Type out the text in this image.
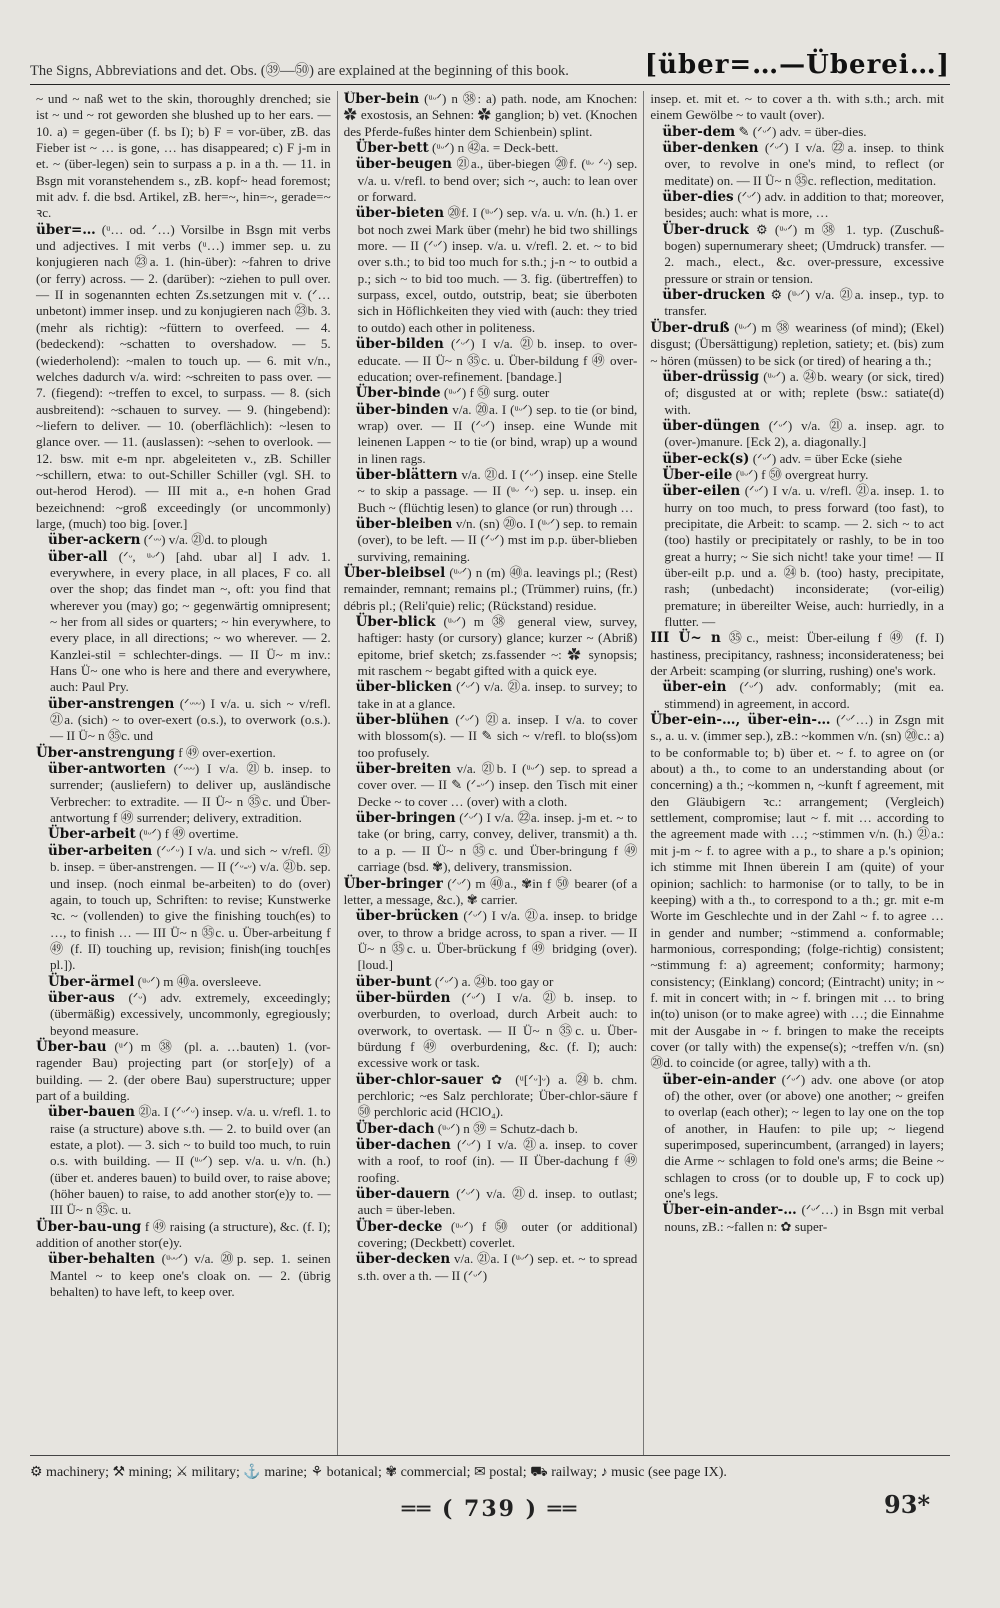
The Signs, Abbreviations and det. Obs. (㊴—㊿) are explained at the beginning of this book.	[über=…—Überei…]

~ und ~ naß wet to the skin, thoroughly drenched; sie ist ~ und ~ rot geworden she blushed up to her ears. — 10. a) = gegen-über (f. bs I); b) F = vor-über, zB. das Fieber ist ~ … is gone, … has disappeared; c) F j-m in et. ~ (über-legen) sein to surpass a p. in a th. — 11. in Bsgn mit voranstehendem s., zB. kopf~ head foremost; mit adv. f. die bsd. Artikel, zB. her=~, hin=~, gerade=~ ꝛc.

über=… (ᵘ… od. ᐟ…) Vorsilbe in Bsgn mit verbs und adjectives. I mit verbs (ᵘ…) immer sep. u. zu konjugieren nach ㉓a. 1. (hin-über): ~fahren to drive (or ferry) across. — 2. (darüber): ~ziehen to pull over. — II in sogenannten echten Zs.setzungen mit v. (ᐟ… unbetont) immer insep. und zu konjugieren nach ㉓b. 3. (mehr als richtig): ~füttern to overfeed. — 4. (bedeckend): ~schatten to overshadow. — 5. (wiederholend): ~malen to touch up. — 6. mit v/n., welches dadurch v/a. wird: ~schreiten to pass over. — 7. (fiegend): ~treffen to excel, to surpass. — 8. (sich ausbreitend): ~schauen to survey. — 9. (hingebend): ~liefern to deliver. — 10. (oberflächlich): ~lesen to glance over. — 11. (auslassen): ~sehen to overlook. — 12. bsw. mit e-m npr. abgeleiteten v., zB. Schiller ~schillern, etwa: to out-Schiller Schiller (vgl. SH. to out-herod Herod). — III mit a., e-n hohen Grad bezeichnend: ~groß exceedingly (or uncommonly) large, (much) too big. [over.]

über-ackern (ᐟᵕᵕ) v/a. ㉑d. to plough

über-all (ᐟᵕ, ᵘᵕᐟ) [ahd. ubar al] I adv. 1. everywhere, in every place, in all places, F co. all over the shop; das findet man ~, oft: you find that wherever you (may) go; ~ gegenwärtig omnipresent; ~ her from all sides or quarters; ~ hin everywhere, to every place, in all directions; ~ wo wherever. — 2. Kanzlei-stil = schlechter-dings. — II Ü~ m inv.: Hans Ü~ one who is here and there and everywhere, auch: Paul Pry.

über-anstrengen (ᐟᵕᵕᵕ) I v/a. u. sich ~ v/refl. ㉑a. (sich) ~ to over-exert (o.s.), to overwork (o.s.). — II Ü~ n ㉟c. und

Über-anstrengung f ㊾ over-exertion.

über-antworten (ᐟᵕᵕᵕ) I v/a. ㉑b. insep. to surrender; (ausliefern) to deliver up, ausländische Verbrecher: to extradite. — II Ü~ n ㉟c. und Über-antwortung f ㊾ surrender; delivery, extradition.

Über-arbeit (ᵘᵕᐟ) f ㊾ overtime.

über-arbeiten (ᐟᵕᐟᵕ) I v/a. und sich ~ v/refl. ㉑b. insep. = über-anstrengen. — II (ᐟᵕ-ᵕ) v/a. ㉑b. sep. und insep. (noch einmal be-arbeiten) to do (over) again, to touch up, Schriften: to revise; Kunstwerke ꝛc. ~ (vollenden) to give the finishing touch(es) to …, to finish … — III Ü~ n ㉟c. u. Über-arbeitung f ㊾ (f. II) touching up, revision; finish(ing touch[es pl.]).

Über-ärmel (ᵘᵕᐟ) m ㊵a. oversleeve.

über-aus (ᐟᵕ) adv. extremely, exceedingly; (übermäßig) excessively, uncommonly, egregiously; beyond measure.

Über-bau (ᵘᐟ) m ㊳ (pl. a. …bauten) 1. (vor-ragender Bau) projecting part (or stor[e]y) of a building. — 2. (der obere Bau) superstructure; upper part of a building.

über-bauen ㉑a. I (ᐟᵕᐟᵕ) insep. v/a. u. v/refl. 1. to raise (a structure) above s.th. — 2. to build over (an estate, a plot). — 3. sich ~ to build too much, to ruin o.s. with building. — II (ᵘᵕᐟ) sep. v/a. u. v/n. (h.) (über et. anderes bauen) to build over, to raise above; (höher bauen) to raise, to add another stor(e)y to. — III Ü~ n ㉟c. u.

Über-bau-ung f ㊾ raising (a structure), &c. (f. I); addition of another stor(e)y.

über-behalten (ᵘᵕᵕᐟ) v/a. ⑳p. sep. 1. seinen Mantel ~ to keep one's cloak on. — 2. (übrig behalten) to have left, to keep over.

Über-bein (ᵘᵕᐟ) n ㊳: a) path. node, am Knochen: ✿ exostosis, an Sehnen: ✿ ganglion; b) vet. (Knochen des Pferde-fußes hinter dem Schienbein) splint.

Über-bett (ᵘᵕᐟ) n ㊷a. = Deck-bett.

über-beugen ㉑a., über-biegen ⑳f. (ᵘᵕ ᐟᵕ) sep. v/a. u. v/refl. to bend over; sich ~, auch: to lean over or forward.

über-bieten ⑳f. I (ᵘᵕᐟ) sep. v/a. u. v/n. (h.) 1. er bot noch zwei Mark über (mehr) he bid two shillings more. — II (ᐟᵕᐟ) insep. v/a. u. v/refl. 2. et. ~ to bid over s.th.; to bid too much for s.th.; j-n ~ to outbid a p.; sich ~ to bid too much. — 3. fig. (übertreffen) to surpass, excel, outdo, outstrip, beat; sie überboten sich in Höflichkeiten they vied with (auch: they tried to outdo) each other in politeness.

über-bilden (ᐟᵕᐟ) I v/a. ㉑b. insep. to over-educate. — II Ü~ n ㉟c. u. Über-bildung f ㊾ over-education; over-refinement. [bandage.]

Über-binde (ᵘᵕᐟ) f ㊿ surg. outer

über-binden v/a. ⑳a. I (ᵘᵕᐟ) sep. to tie (or bind, wrap) over. — II (ᐟᵕᐟ) insep. eine Wunde mit leinenen Lappen ~ to tie (or bind, wrap) up a wound in linen rags.

über-blättern v/a. ㉑d. I (ᐟᵕᐟ) insep. eine Stelle ~ to skip a passage. — II (ᵘᵕ ᐟᵕ) sep. u. insep. ein Buch ~ (flüchtig lesen) to glance (or run) through …

über-bleiben v/n. (sn) ⑳o. I (ᵘᵕᐟ) sep. to remain (over), to be left. — II (ᐟᵕᐟ) mst im p.p. über-blieben surviving, remaining.

Über-bleibsel (ᵘᵕᐟ) n (m) ㊵a. leavings pl.; (Rest) remainder, remnant; remains pl.; (Trümmer) ruins, (fr.) débris pl.; (Reli'quie) relic; (Rückstand) residue.

Über-blick (ᵘᵕᐟ) m ㊳ general view, survey, haftiger: hasty (or cursory) glance; kurzer ~ (Abriß) epitome, brief sketch; zs.fassender ~: ✿ synopsis; mit raschem ~ begabt gifted with a quick eye.

über-blicken (ᐟᵕᐟ) v/a. ㉑a. insep. to survey; to take in at a glance.

über-blühen (ᐟᵕᐟ) ㉑a. insep. I v/a. to cover with blossom(s). — II ✎ sich ~ v/refl. to blo(ss)om too profusely.

über-breiten v/a. ㉑b. I (ᵘᵕᐟ) sep. to spread a cover over. — II ✎ (ᐟ-ᵕᐟ) insep. den Tisch mit einer Decke ~ to cover … (over) with a cloth.

über-bringen (ᐟᵕᐟ) I v/a. ㉒a. insep. j-m et. ~ to take (or bring, carry, convey, deliver, transmit) a th. to a p. — II Ü~ n ㉟c. und Über-bringung f ㊾ carriage (bsd. ✾), delivery, transmission.

Über-bringer (ᐟᵕᐟ) m ㊵a., ✾in f ㊿ bearer (of a letter, a message, &c.), ✾ carrier.

über-brücken (ᐟᵕᐟ) I v/a. ㉑a. insep. to bridge over, to throw a bridge across, to span a river. — II Ü~ n ㉟c. u. Über-brückung f ㊾ bridging (over). [loud.]

über-bunt (ᐟᵕᐟ) a. ㉔b. too gay or

über-bürden (ᐟᵕᐟ) I v/a. ㉑b. insep. to overburden, to overload, durch Arbeit auch: to overwork, to overtask. — II Ü~ n ㉟c. u. Über-bürdung f ㊾ overburdening, &c. (f. I); auch: excessive work or task.

über-chlor-sauer ✿ (ᵘ[ᐟᵕ]ᵕ) a. ㉔b. chm. perchloric; ~es Salz perchlorate; Über-chlor-säure f ㊿ perchloric acid (HClO₄).

Über-dach (ᵘᵕᐟ) n ㊴ = Schutz-dach b.

über-dachen (ᐟᵕᐟ) I v/a. ㉑a. insep. to cover with a roof, to roof (in). — II Über-dachung f ㊾ roofing.

über-dauern (ᐟᵕᐟ) v/a. ㉑d. insep. to outlast; auch = über-leben.

Über-decke (ᵘᵕᐟ) f ㊿ outer (or additional) covering; (Deckbett) coverlet.

über-decken v/a. ㉑a. I (ᵘᵕᐟ) sep. et. ~ to spread s.th. over a th. — II (ᐟᵕᐟ)

insep. et. mit et. ~ to cover a th. with s.th.; arch. mit einem Gewölbe ~ to vault (over).

über-dem ✎ (ᐟᵕᐟ) adv. = über-dies.

über-denken (ᐟᵕᐟ) I v/a. ㉒a. insep. to think over, to revolve in one's mind, to reflect (or meditate) on. — II Ü~ n ㉟c. reflection, meditation.

über-dies (ᐟᵕᐟ) adv. in addition to that; moreover, besides; auch: what is more, …

Über-druck ⚙ (ᵘᵕᐟ) m ㊳ 1. typ. (Zuschuß-bogen) supernumerary sheet; (Umdruck) transfer. — 2. mach., elect., &c. over-pressure, excessive pressure or strain or tension.

über-drucken ⚙ (ᵘᵕᐟ) v/a. ㉑a. insep., typ. to transfer.

Über-druß (ᵘᵕᐟ) m ㊳ weariness (of mind); (Ekel) disgust; (Übersättigung) repletion, satiety; et. (bis) zum ~ hören (müssen) to be sick (or tired) of hearing a th.;

über-drüssig (ᵘᵕᐟ) a. ㉔b. weary (or sick, tired) of; disgusted at or with; replete (bsw.: satiate(d) with.

über-düngen (ᐟᵕᐟ) v/a. ㉑a. insep. agr. to (over-)manure. [Eck 2), a. diagonally.]

über-eck(s) (ᐟᵕᐟ) adv. = über Ecke (siehe

Über-eile (ᵘᵕᐟ) f ㊿ overgreat hurry.

über-eilen (ᐟᵕᐟ) I v/a. u. v/refl. ㉑a. insep. 1. to hurry on too much, to press forward (too fast), to precipitate, die Arbeit: to scamp. — 2. sich ~ to act (too) hastily or precipitately or rashly, to be in too great a hurry; ~ Sie sich nicht! take your time! — II über-eilt p.p. und a. ㉔b. (too) hasty, precipitate, rash; (unbedacht) inconsiderate; (vor-eilig) premature; in übereilter Weise, auch: hurriedly, in a flutter. —

III Ü~ n ㉟c., meist: Über-eilung f ㊾ (f. I) hastiness, precipitancy, rashness; inconsiderateness; bei der Arbeit: scamping (or slurring, rushing) one's work.

über-ein (ᐟᵕᐟ) adv. conformably; (mit ea. stimmend) in agreement, in accord.

Über-ein-…, über-ein-… (ᐟᵕᐟ…) in Zsgn mit s., a. u. v. (immer sep.), zB.: ~kommen v/n. (sn) ⑳c.: a) to be conformable to; b) über et. ~ f. to agree on (or about) a th., to come to an understanding about (or concerning) a th.; ~kommen n, ~kunft f agreement, mit den Gläubigern ꝛc.: arrangement; (Vergleich) settlement, compromise; laut ~ f. mit … according to the agreement made with …; ~stimmen v/n. (h.) ㉑a.: mit j-m ~ f. to agree with a p., to share a p.'s opinion; ich stimme mit Ihnen überein I am (quite) of your opinion; sachlich: to harmonise (or to tally, to be in keeping) with a th., to correspond to a th.; gr. mit e-m Worte im Geschlechte und in der Zahl ~ f. to agree … in gender and number; ~stimmend a. conformable; harmonious, corresponding; (folge-richtig) consistent; ~stimmung f: a) agreement; conformity; harmony; consistency; (Einklang) concord; (Eintracht) unity; in ~ f. mit in concert with; in ~ f. bringen mit … to bring in(to) unison (or to make agree) with …; die Einnahme mit der Ausgabe in ~ f. bringen to make the receipts cover (or tally with) the expense(s); ~treffen v/n. (sn) ⑳d. to coincide (or agree, tally) with a th.

über-ein-ander (ᐟᵕᐟ) adv. one above (or atop of) the other, over (or above) one another; ~ greifen to overlap (each other); ~ legen to lay one on the top of another, in Haufen: to pile up; ~ liegend superimposed, superincumbent, (arranged) in layers; die Arme ~ schlagen to fold one's arms; die Beine ~ schlagen to cross (or to double up, F to cock up) one's legs.

Über-ein-ander-… (ᐟᵕᐟ…) in Bsgn mit verbal nouns, zB.: ~fallen n: ✿ super-

⚙ machinery; ⚒ mining; ⚔ military; ⚓ marine; ⚘ botanical; ✾ commercial; ✉ postal; ⛟ railway; ♪ music (see page IX).
══ ( 739 ) ══	93*
